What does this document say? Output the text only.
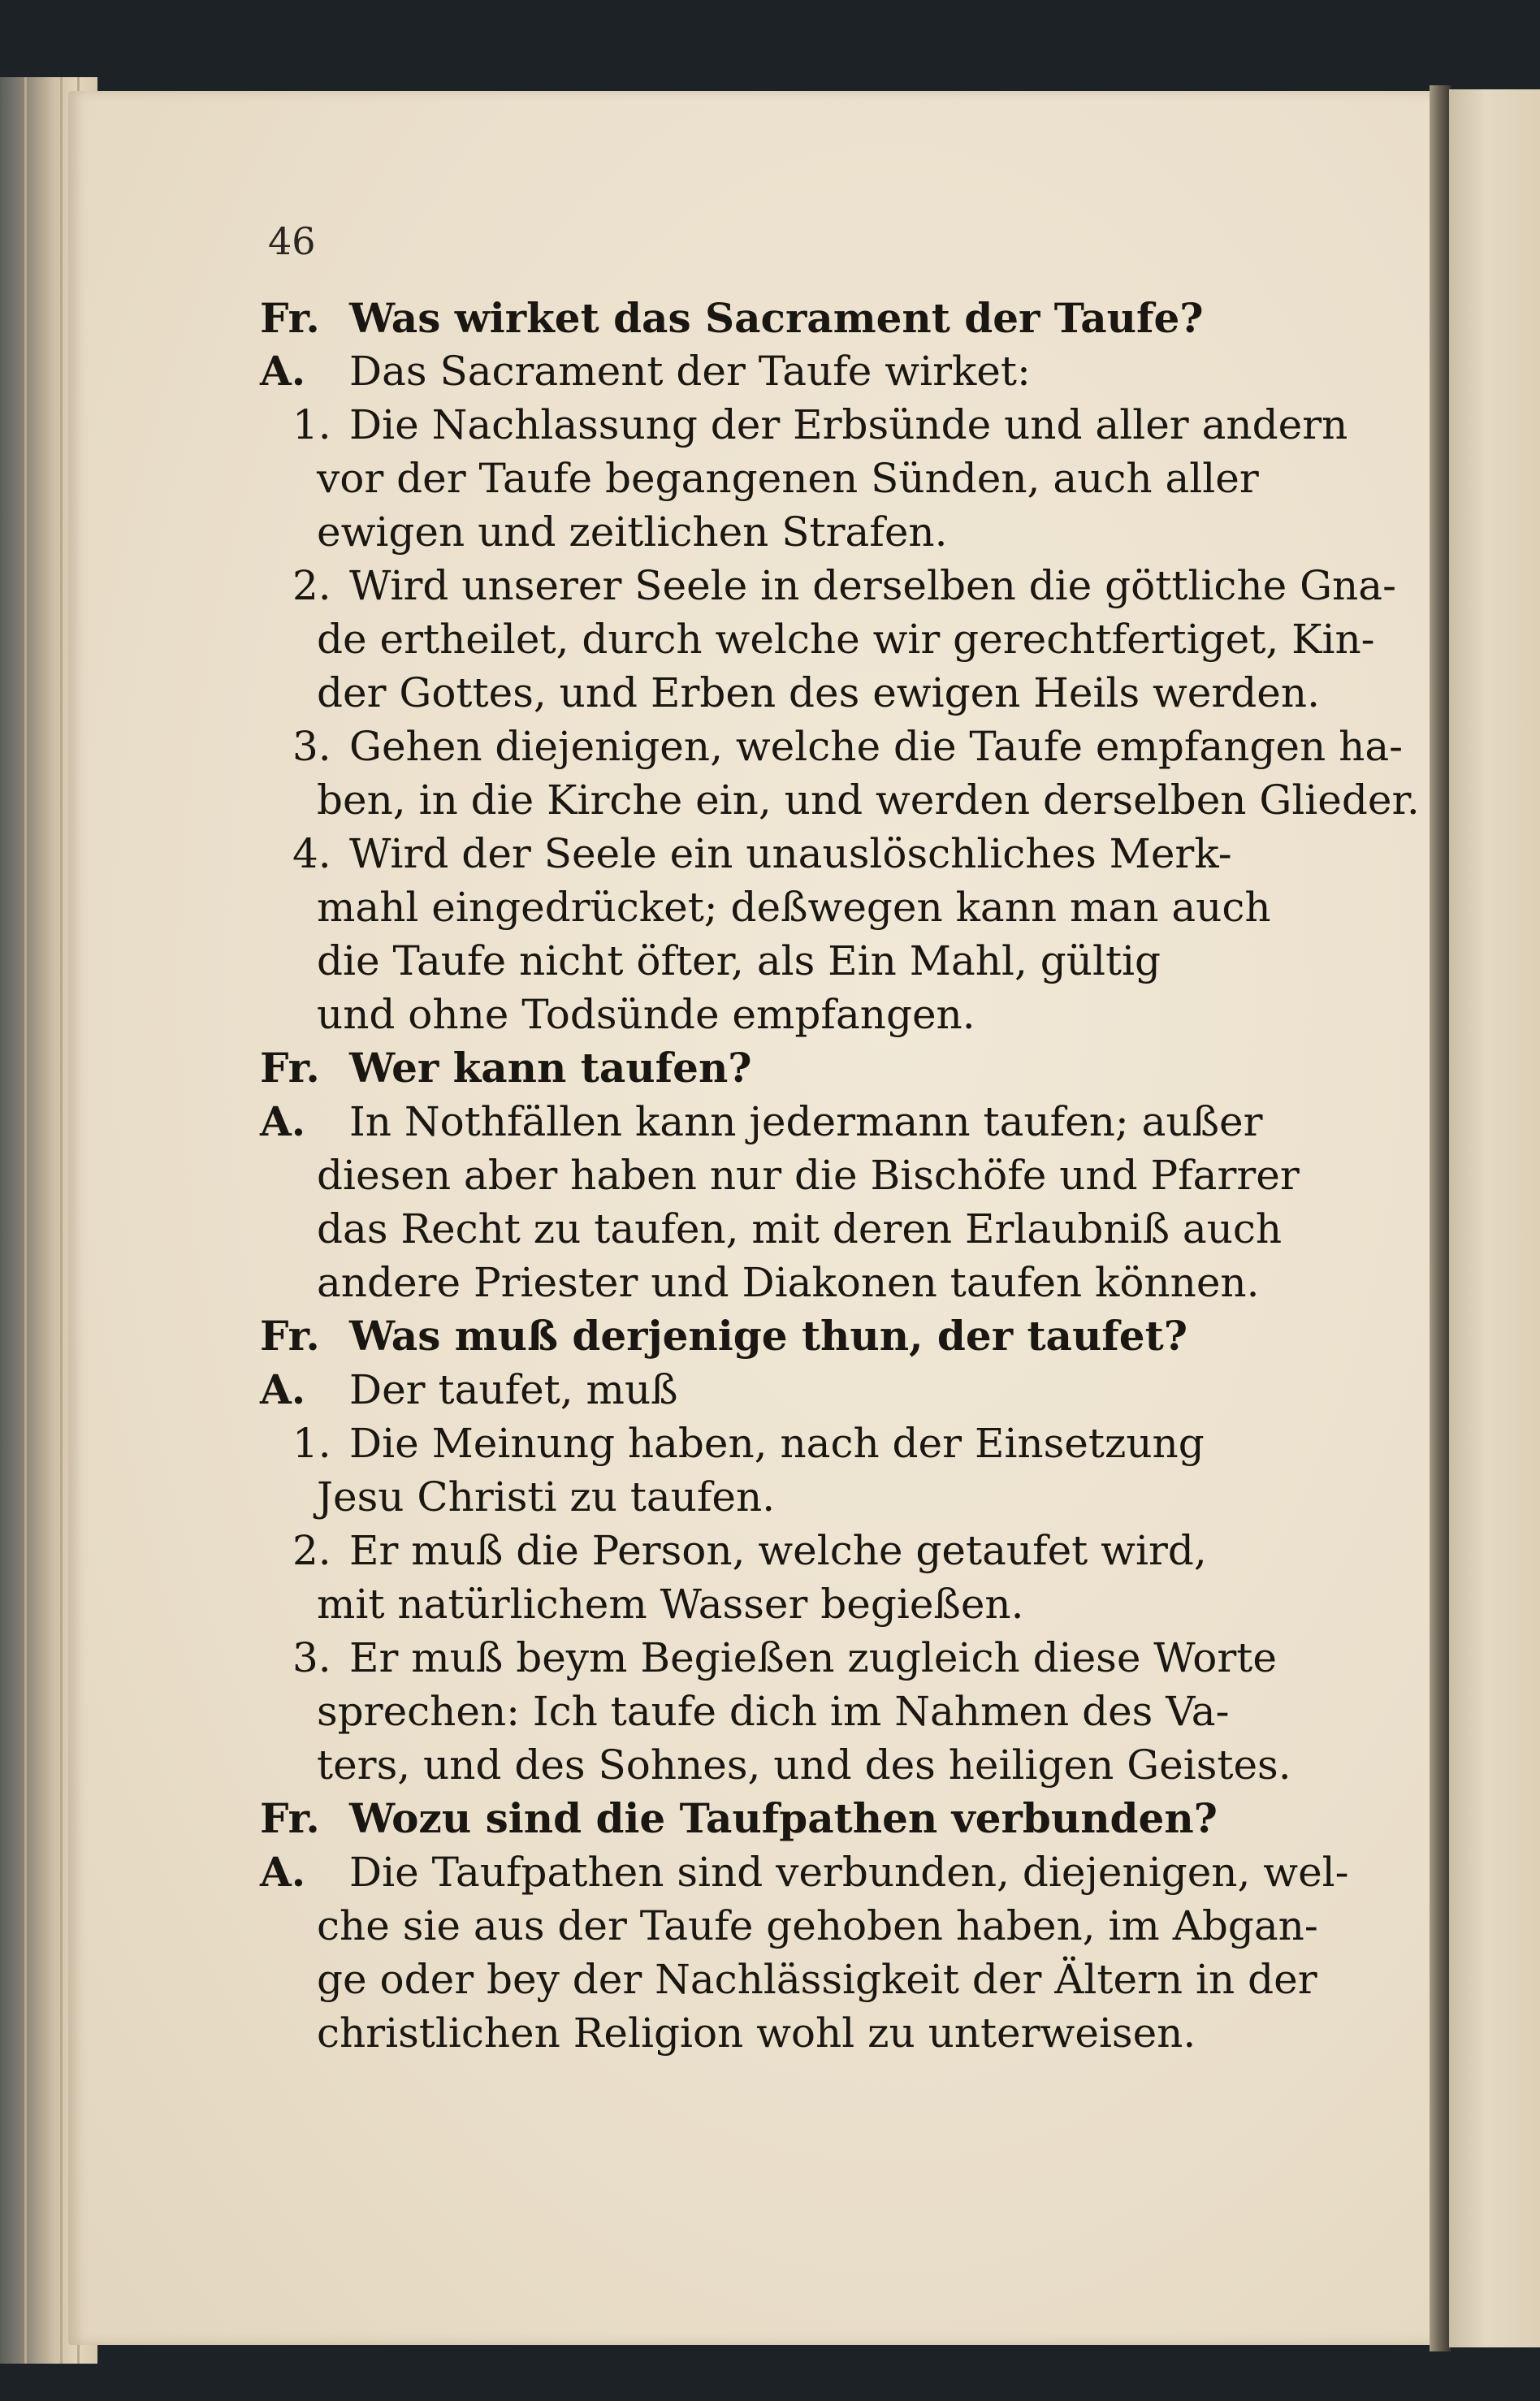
46
Fr. Was wirket das Sacrament der Taufe?
A. Das Sacrament der Taufe wirket:
1. Die Nachlassung der Erbsünde und aller andern
vor der Taufe begangenen Sünden, auch aller
ewigen und zeitlichen Strafen.
2. Wird unserer Seele in derselben die göttliche Gna-
de ertheilet, durch welche wir gerechtfertiget, Kin-
der Gottes, und Erben des ewigen Heils werden.
3. Gehen diejenigen, welche die Taufe empfangen ha-
ben, in die Kirche ein, und werden derselben Glieder.
4. Wird der Seele ein unauslöschliches Merk-
mahl eingedrücket; deßwegen kann man auch
die Taufe nicht öfter, als Ein Mahl, gültig
und ohne Todsünde empfangen.
Fr. Wer kann taufen?
A. In Nothfällen kann jedermann taufen; außer
diesen aber haben nur die Bischöfe und Pfarrer
das Recht zu taufen, mit deren Erlaubniß auch
andere Priester und Diakonen taufen können.
Fr. Was muß derjenige thun, der taufet?
A. Der taufet, muß
1. Die Meinung haben, nach der Einsetzung
Jesu Christi zu taufen.
2. Er muß die Person, welche getaufet wird,
mit natürlichem Wasser begießen.
3. Er muß beym Begießen zugleich diese Worte
sprechen: Ich taufe dich im Nahmen des Va-
ters, und des Sohnes, und des heiligen Geistes.
Fr. Wozu sind die Taufpathen verbunden?
A. Die Taufpathen sind verbunden, diejenigen, wel-
che sie aus der Taufe gehoben haben, im Abgan-
ge oder bey der Nachlässigkeit der Ältern in der
christlichen Religion wohl zu unterweisen.
